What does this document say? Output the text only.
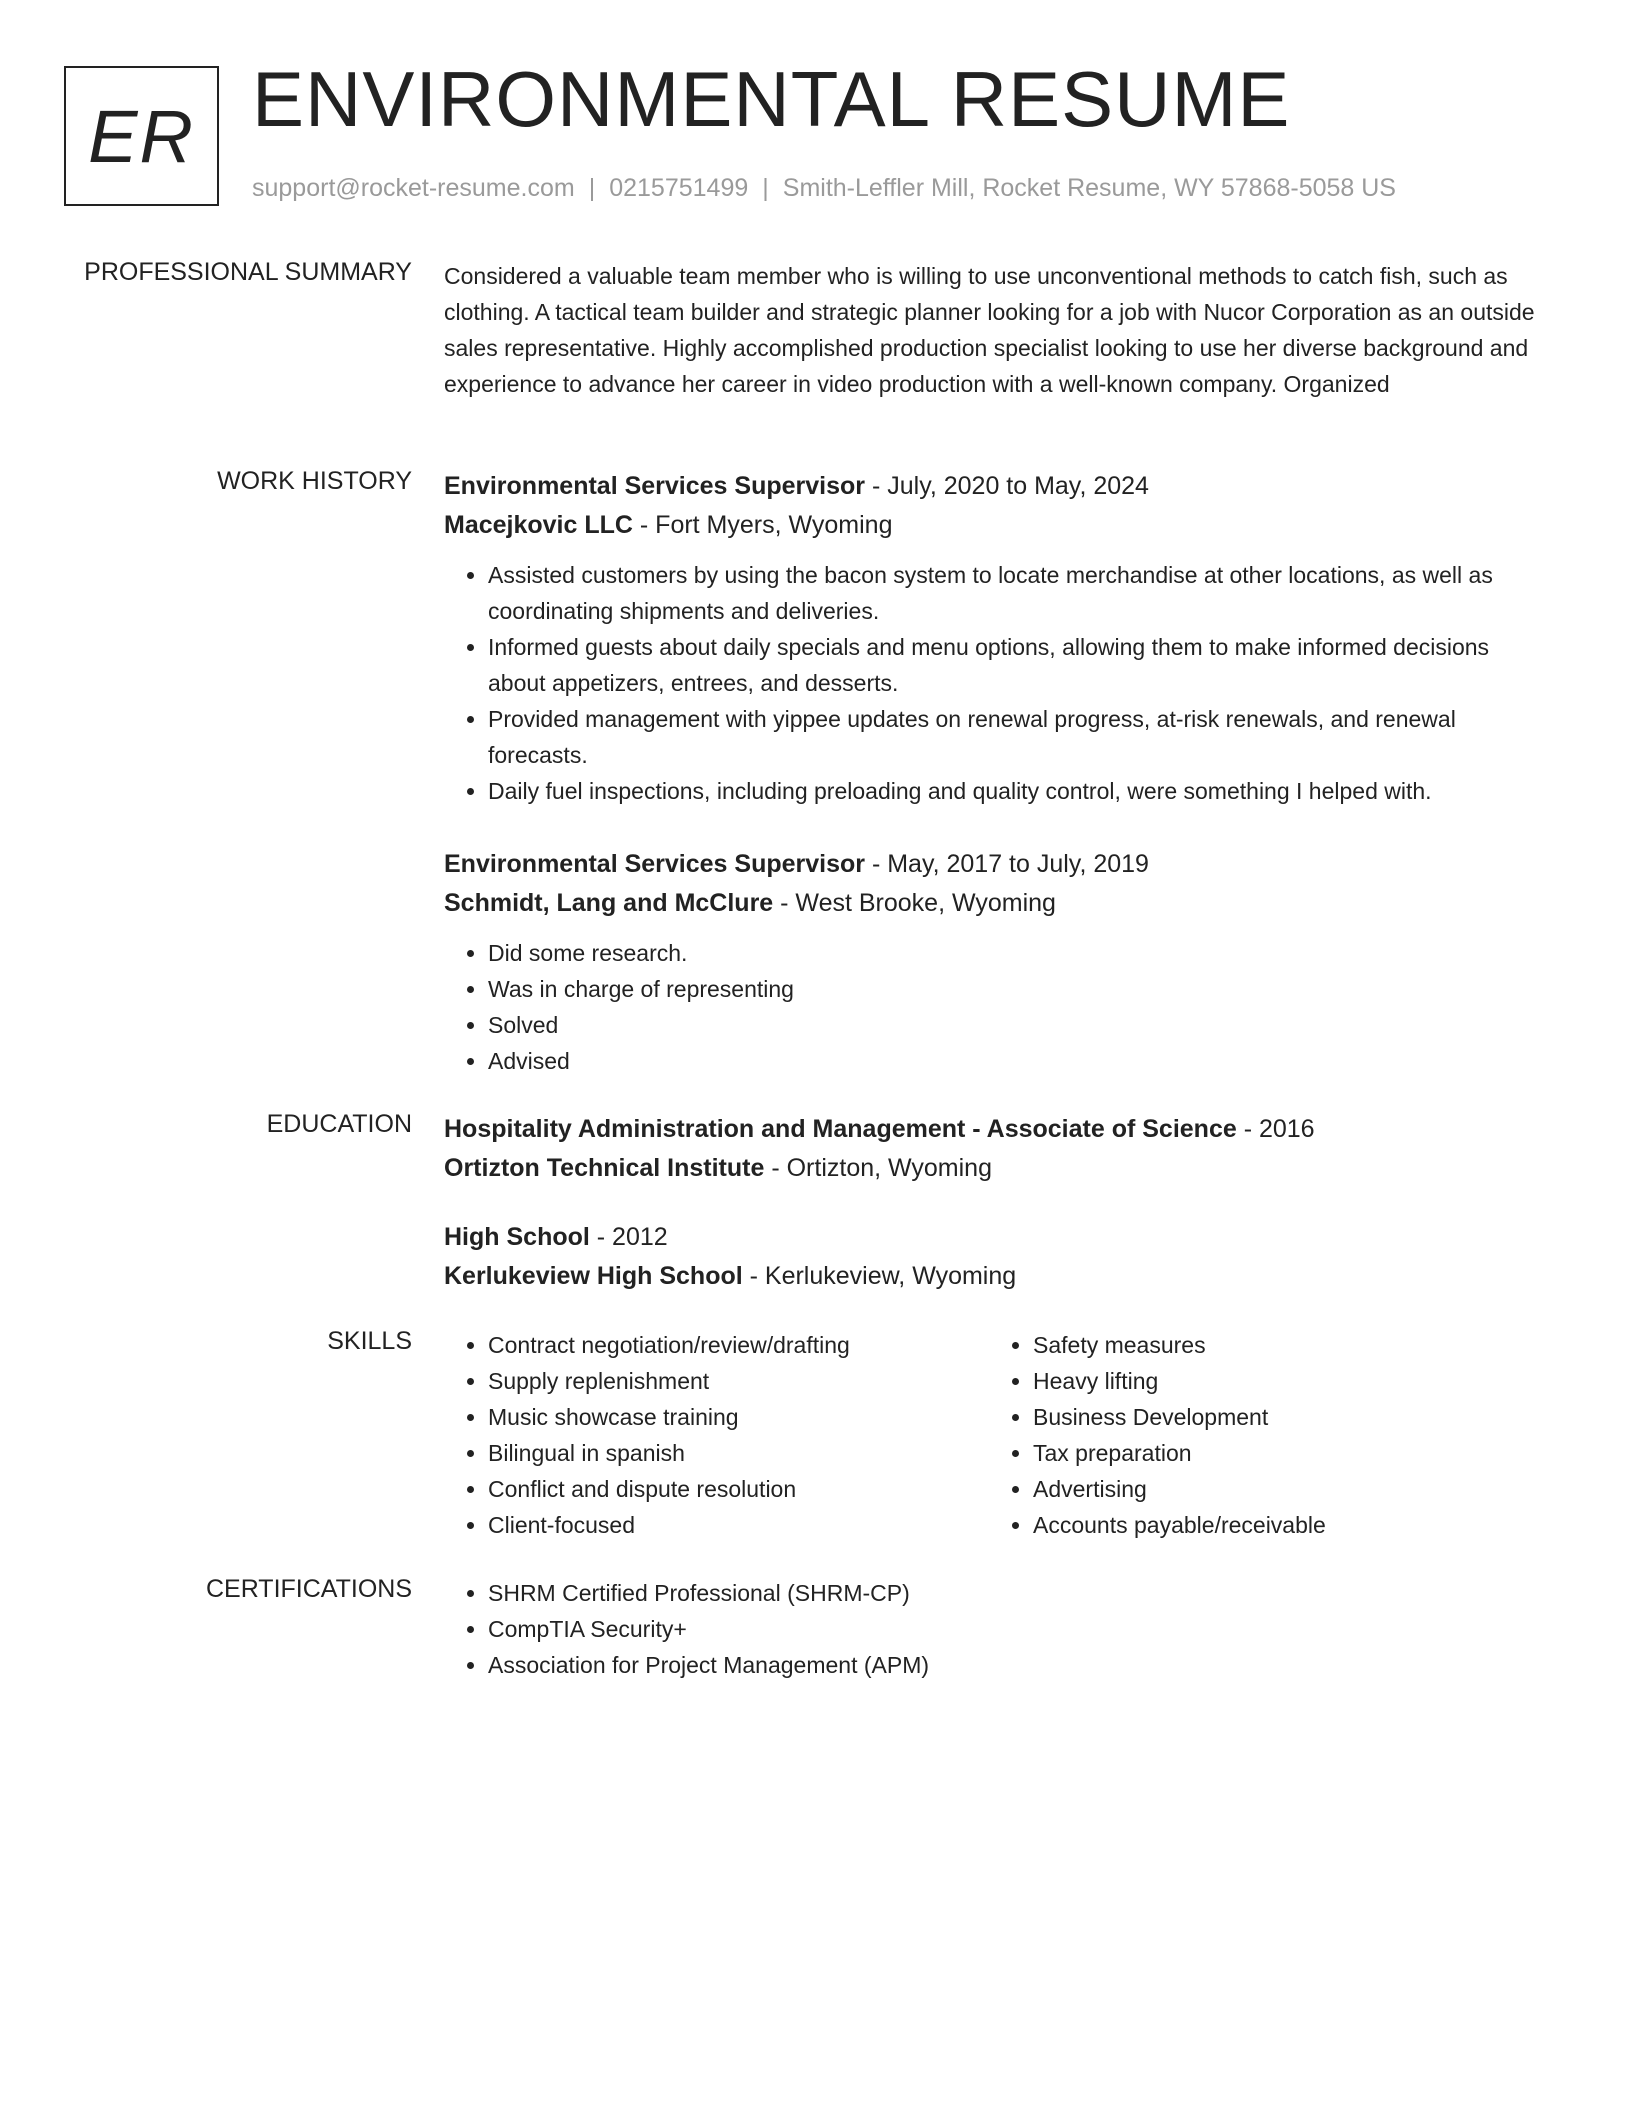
ER ENVIRONMENTAL RESUME
support@rocket-resume.com | 0215751499 | Smith-Leffler Mill, Rocket Resume, WY 57868-5058 US
PROFESSIONAL SUMMARY Considered a valuable team member who is willing to use unconventional methods to catch fish, such as clothing. A tactical team builder and strategic planner looking for a job with Nucor Corporation as an outside sales representative. Highly accomplished production specialist looking to use her diverse background and experience to advance her career in video production with a well-known company. Organized

WORK HISTORY Environmental Services Supervisor - July, 2020 to May, 2024
Macejkovic LLC - Fort Myers, Wyoming
• Assisted customers by using the bacon system to locate merchandise at other locations, as well as coordinating shipments and deliveries.
• Informed guests about daily specials and menu options, allowing them to make informed decisions about appetizers, entrees, and desserts.
• Provided management with yippee updates on renewal progress, at-risk renewals, and renewal forecasts.
• Daily fuel inspections, including preloading and quality control, were something I helped with.
Environmental Services Supervisor - May, 2017 to July, 2019
Schmidt, Lang and McClure - West Brooke, Wyoming
• Did some research.
• Was in charge of representing
• Solved
• Advised
EDUCATION Hospitality Administration and Management - Associate of Science - 2016
Ortizton Technical Institute - Ortizton, Wyoming
High School - 2012
Kerlukeview High School - Kerlukeview, Wyoming
SKILLS	• Contract negotiation/review/drafting
• Supply replenishment
• Music showcase training
• Bilingual in spanish
• Conflict and dispute resolution
• Client-focused
• Safety measures
• Heavy lifting
• Business Development
• Tax preparation
• Advertising
• Accounts payable/receivable
CERTIFICATIONS	• SHRM Certified Professional (SHRM-CP)
• CompTIA Security+
• Association for Project Management (APM)
